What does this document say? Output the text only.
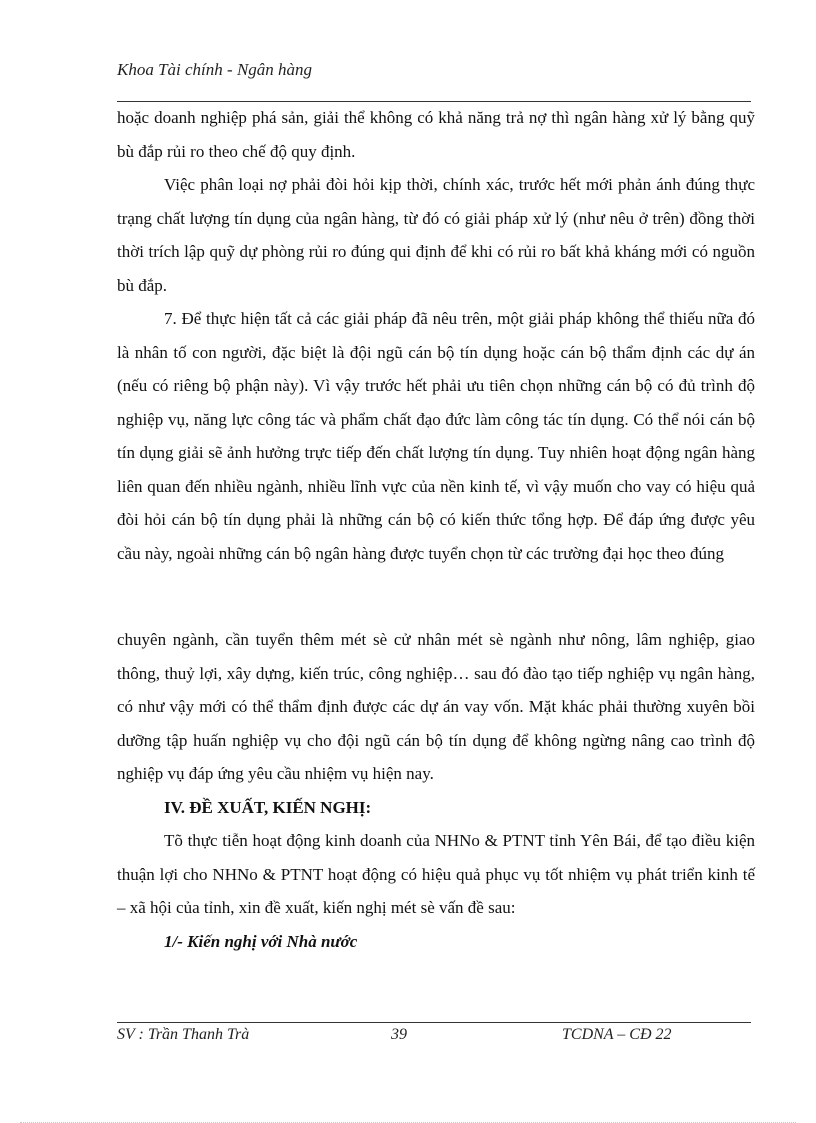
Khoa Tài chính - Ngân hàng

hoặc doanh nghiệp phá sản, giải thể không có khả năng trả nợ thì ngân hàng xử lý bằng quỹ bù đắp rủi ro theo chế độ quy định.

Việc phân loại nợ phải đòi hỏi kịp thời, chính xác, trước hết mới phản ánh đúng thực trạng chất lượng tín dụng của ngân hàng, từ đó có giải pháp xử lý (như nêu ở trên) đồng thời thời trích lập quỹ dự phòng rủi ro đúng qui định để khi có rủi ro bất khả kháng mới có nguồn bù đắp.

7. Để thực hiện tất cả các giải pháp đã nêu trên, một giải pháp không thể thiếu nữa đó là nhân tố con người, đặc biệt là đội ngũ cán bộ tín dụng hoặc cán bộ thẩm định các dự án (nếu có riêng bộ phận này). Vì vậy trước hết phải ưu tiên chọn những cán bộ có đủ trình độ nghiệp vụ, năng lực công tác và phẩm chất đạo đức làm công tác tín dụng. Có thể nói cán bộ tín dụng giải sẽ ảnh hưởng trực tiếp đến chất lượng tín dụng. Tuy nhiên hoạt động ngân hàng liên quan đến nhiều ngành, nhiều lĩnh vực của nền kinh tế, vì vậy muốn cho vay có hiệu quả đòi hỏi cán bộ tín dụng phải là những cán bộ có kiến thức tổng hợp. Để đáp ứng được yêu cầu này, ngoài những cán bộ ngân hàng được tuyển chọn từ các trường đại học theo đúng

chuyên ngành, cần tuyển thêm mét sè cử nhân mét sè ngành như nông, lâm nghiệp, giao thông, thuỷ lợi, xây dựng, kiến trúc, công nghiệp… sau đó đào tạo tiếp nghiệp vụ ngân hàng, có như vậy mới có thể thẩm định được các dự án vay vốn. Mặt khác phải thường xuyên bồi dưỡng tập huấn nghiệp vụ cho đội ngũ cán bộ tín dụng để không ngừng nâng cao trình độ nghiệp vụ đáp ứng yêu cầu nhiệm vụ hiện nay.

IV. ĐỀ XUẤT, KIẾN NGHỊ:

Tõ thực tiễn hoạt động kinh doanh của NHNo & PTNT tỉnh Yên Bái, để tạo điều kiện thuận lợi cho NHNo & PTNT hoạt động có hiệu quả phục vụ tốt nhiệm vụ phát triển kinh tế – xã hội của tỉnh, xin đề xuất, kiến nghị mét sè vấn đề sau:

1/- Kiến nghị với Nhà nước

SV : Trần Thanh Trà	39	TCDNA – CĐ 22
